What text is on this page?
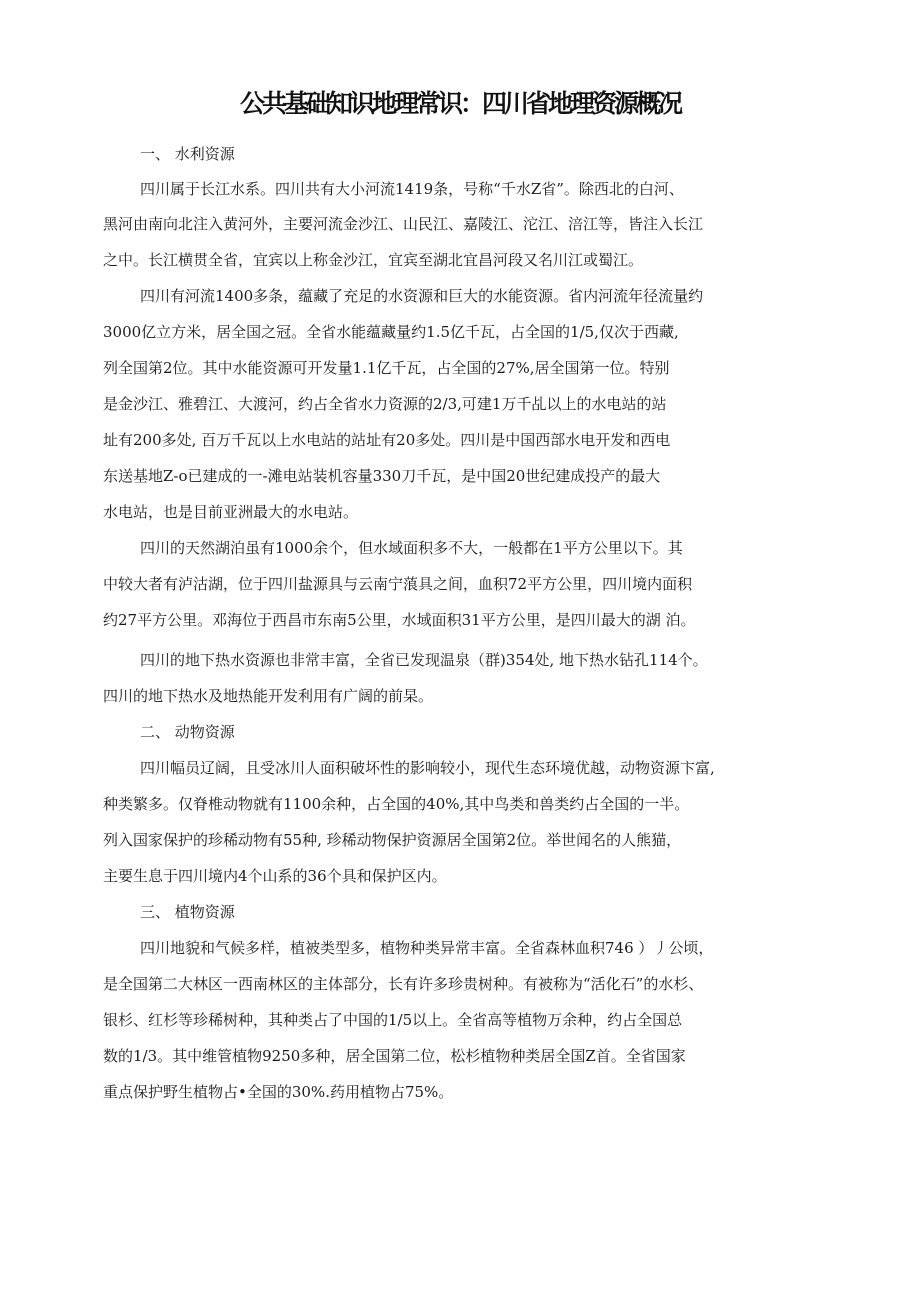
公共基础知识地理常识：四川省地理资源概况
一、 水利资源
四川属于长江水系。四川共有大小河流1419条，号称“千水Z省”。除西北的白河、
黑河由南向北注入黄河外，主要河流金沙江、山民江、嘉陵江、沱江、涪江等，皆注入长江
之中。长江横贯全省，宜宾以上称金沙江，宜宾至湖北宜昌河段又名川江或蜀江。
四川有河流1400多条，蕴藏了充足的水资源和巨大的水能资源。省内河流年径流量约
3000亿立方米，居全国之冠。全省水能蕴藏量约1.5亿千瓦，占全国的1/5,仅次于西藏,
列全国第2位。其中水能资源可开发量1.1亿千瓦，占全国的27%,居全国第一位。特别
是金沙江、雅碧江、大渡河，约占全省水力资源的2/3,可建1万千乩以上的水电站的站
址有200多处, 百万千瓦以上水电站的站址有20多处。四川是中国西部水电开发和西电
东送基地Z-o已建成的一-滩电站装机容量330刀千瓦，是中国20世纪建成投产的最大
水电站，也是目前亚洲最大的水电站。
四川的天然湖泊虽有1000余个，但水域面积多不大，一般都在1平方公里以下。其
中较大者有泸沽湖，位于四川盐源具与云南宁蒗具之间，血积72平方公里，四川境内面积
约27平方公里。邓海位于西昌市东南5公里，水域面积31平方公里，是四川最大的湖 泊。
四川的地下热水资源也非常丰富，全省已发现温泉（群)354处, 地下热水钻孔114个。
四川的地下热水及地热能开发利用有广阔的前杲。
二、 动物资源
四川幅员辽阔，且受冰川人面积破坏性的影响较小，现代生态环境优越，动物资源卞富,
种类繁多。仅脊椎动物就有1100余种，占全国的40%,其中鸟类和兽类约占全国的一半。
列入国家保护的珍稀动物有55种, 珍稀动物保护资源居全国第2位。举世闻名的人熊猫，
主要生息于四川境内4个山系的36个具和保护区内。
三、 植物资源
四川地貌和气候多样，植被类型多，植物种类异常丰富。全省森林血积746 ）丿公顷，
是全国第二大林区一西南林区的主体部分，长有许多珍贵树种。有被称为“活化石”的水杉、
银杉、红杉等珍稀树种，其种类占了中国的1/5以上。全省高等植物万余种，约占全国总
数的1/3。其中维管植物9250多种，居全国第二位，松杉植物种类居全国Z首。全省国家
重点保护野生植物占•全国的30%.药用植物占75%。
